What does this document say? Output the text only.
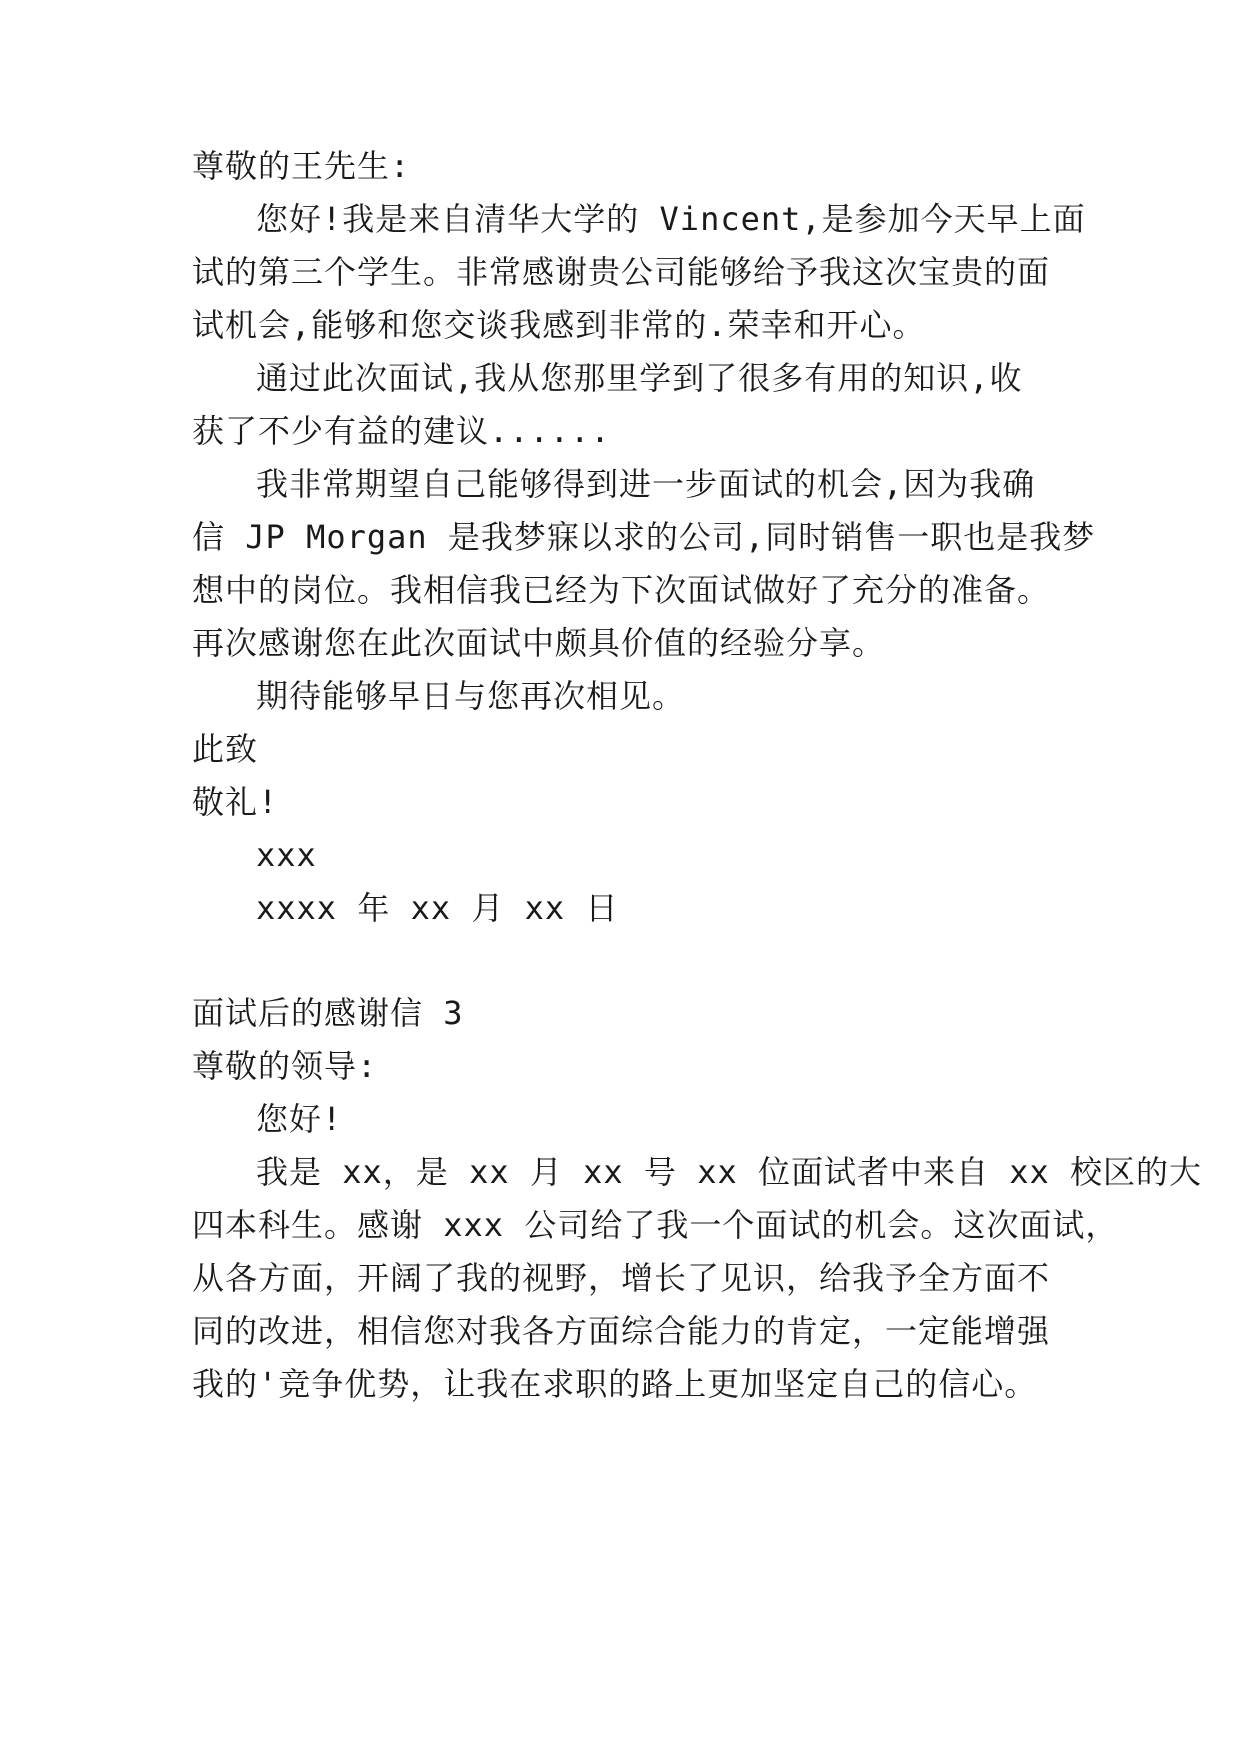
尊敬的王先生:
您好!我是来自清华大学的 Vincent,是参加今天早上面
试的第三个学生。非常感谢贵公司能够给予我这次宝贵的面
试机会,能够和您交谈我感到非常的.荣幸和开心。
通过此次面试,我从您那里学到了很多有用的知识,收
获了不少有益的建议......
我非常期望自己能够得到进一步面试的机会,因为我确
信 JP Morgan 是我梦寐以求的公司,同时销售一职也是我梦
想中的岗位。我相信我已经为下次面试做好了充分的准备。
再次感谢您在此次面试中颇具价值的经验分享。
期待能够早日与您再次相见。
此致
敬礼!
xxx
xxxx 年 xx 月 xx 日
面试后的感谢信 3
尊敬的领导:
您好!
我是 xx，是 xx 月 xx 号 xx 位面试者中来自 xx 校区的大
四本科生。感谢 xxx 公司给了我一个面试的机会。这次面试，
从各方面，开阔了我的视野，增长了见识，给我予全方面不
同的改进，相信您对我各方面综合能力的肯定，一定能增强
我的'竞争优势，让我在求职的路上更加坚定自己的信心。
